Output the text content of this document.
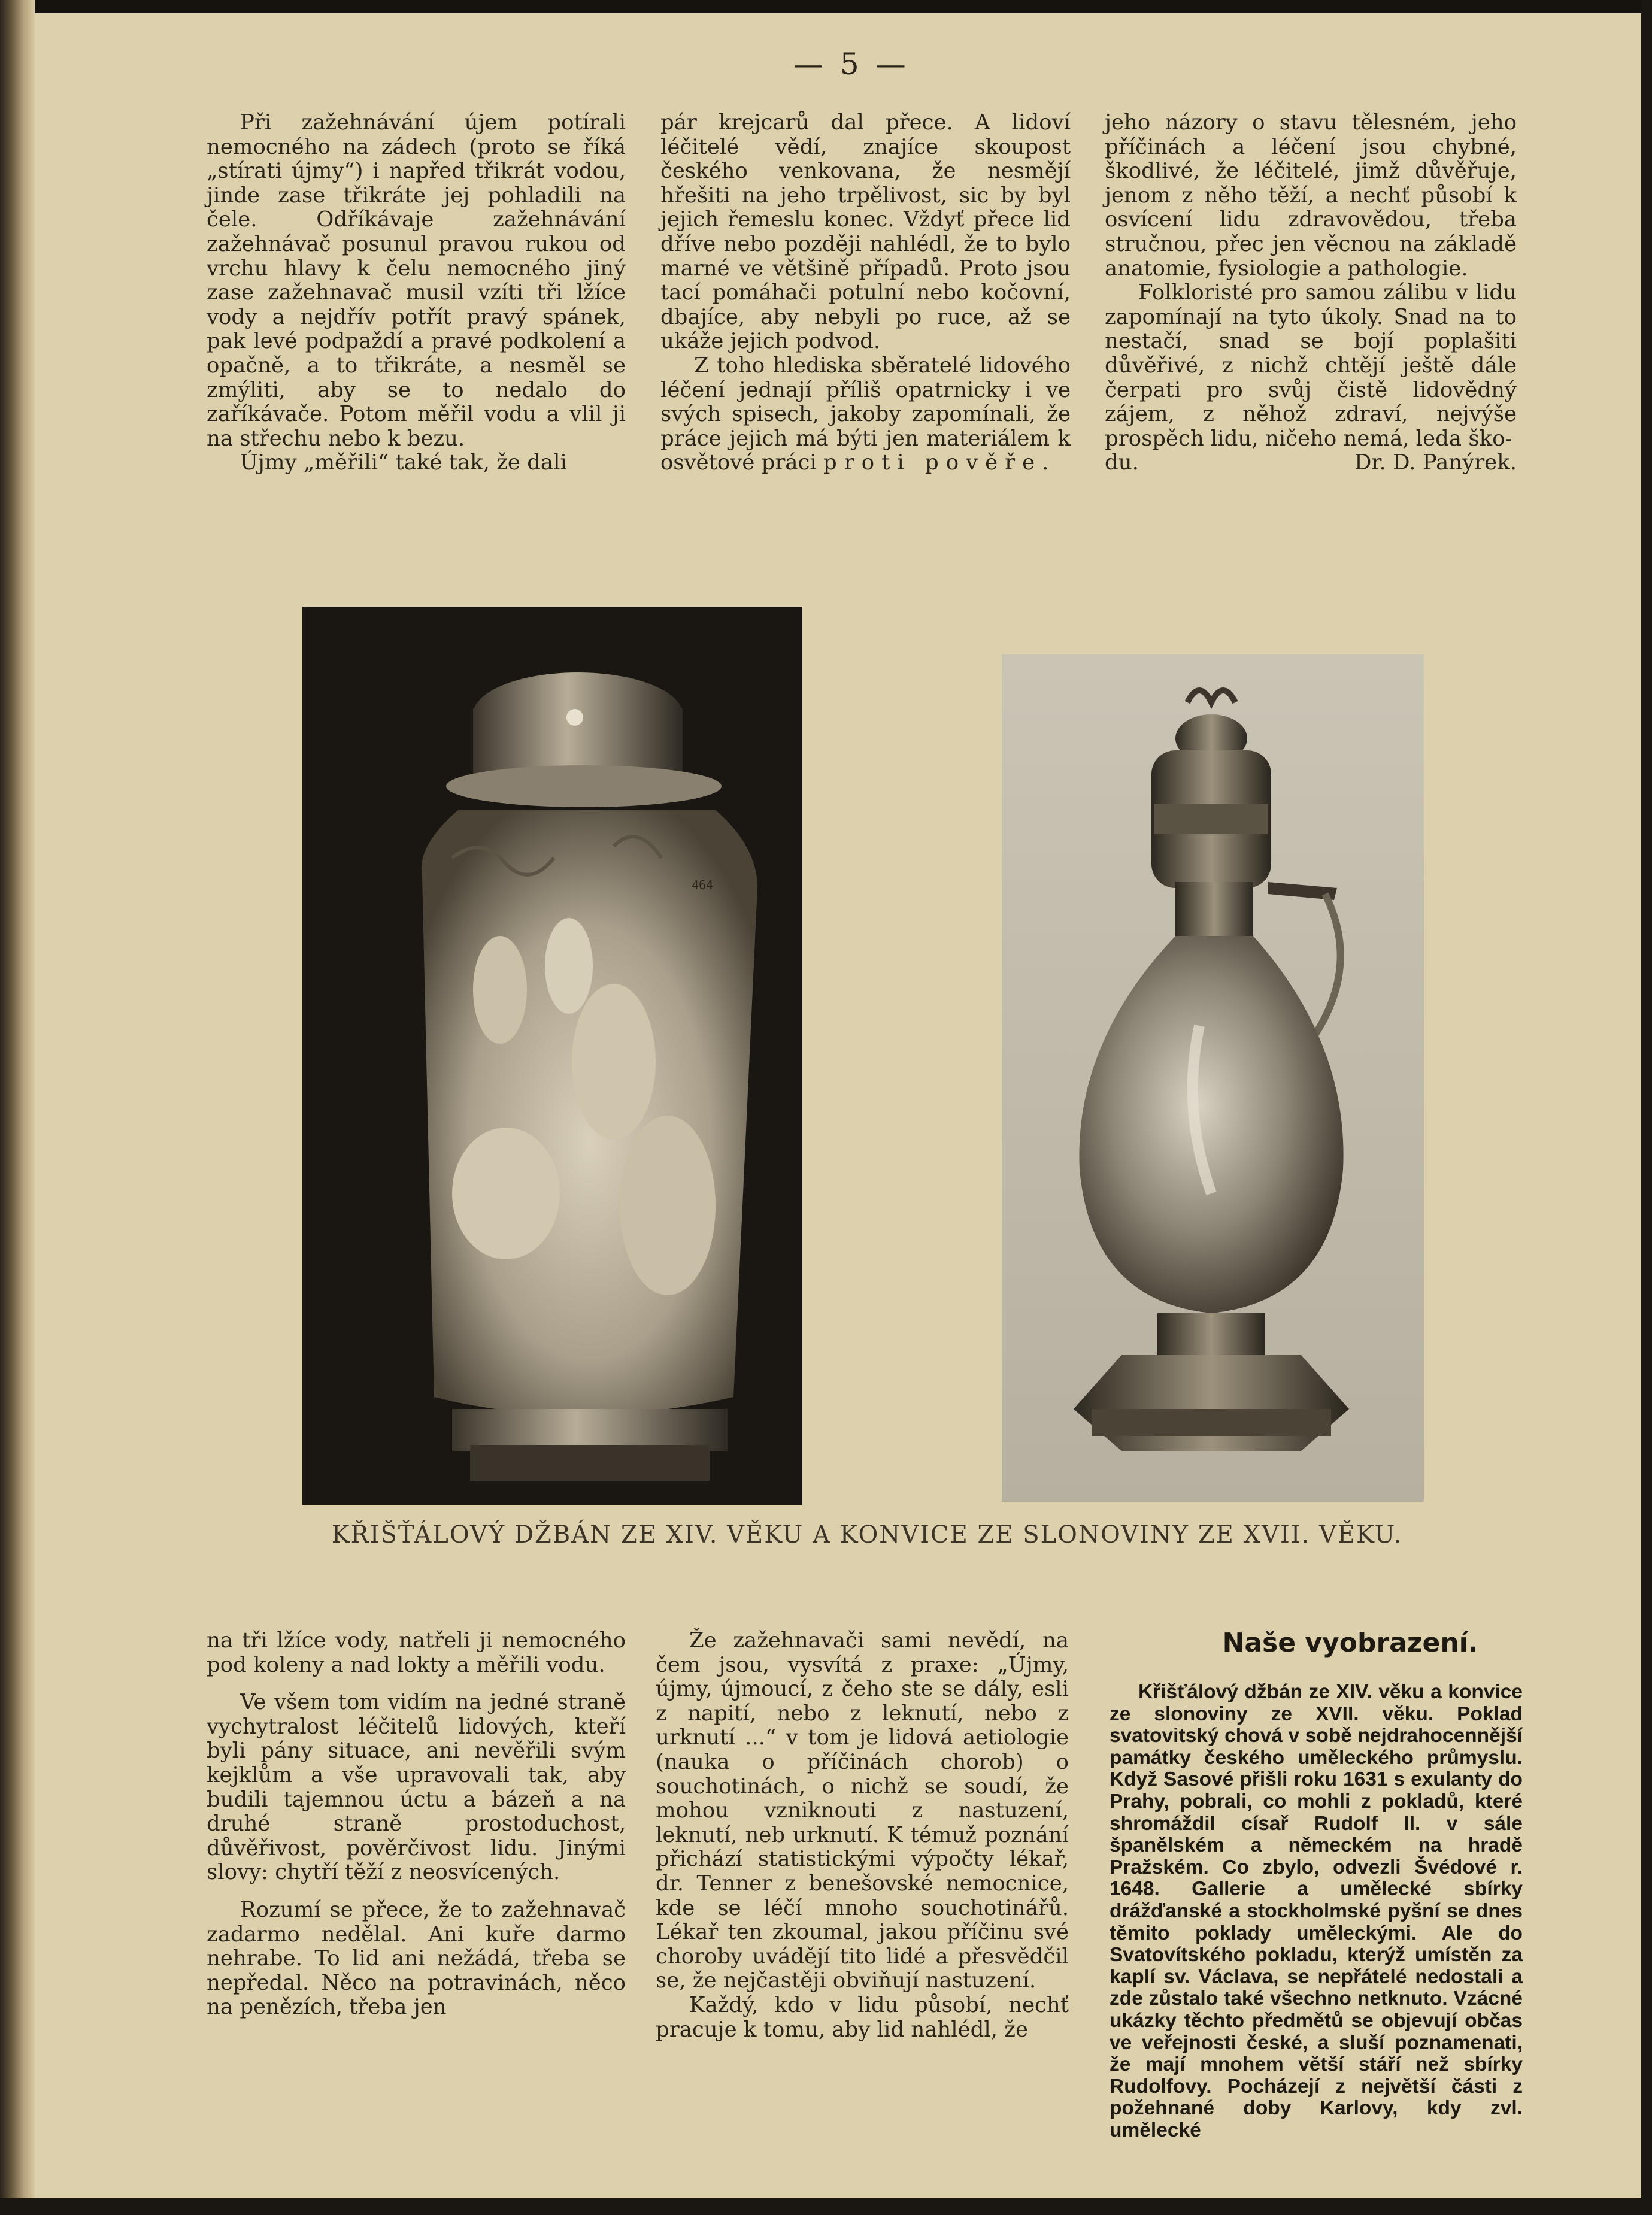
— 5 —

Při zažehnávání újem potírali nemocného na zádech (proto se říká „stírati újmy“) i napřed třikrát vodou, jinde zase třikráte jej pohladili na čele. Odříkávaje zažehnávání zažehnávač posunul pravou rukou od vrchu hlavy k čelu nemocného jiný zase zažehnavač musil vzíti tři lžíce vody a nejdřív potřít pravý spánek, pak levé podpaždí a pravé podkolení a opačně, a to třikráte, a nesměl se zmýliti, aby se to nedalo do zaříkávače. Potom měřil vodu a vlil ji na střechu nebo k bezu.

Újmy „měřili“ také tak, že dali

pár krejcarů dal přece. A lidoví léčitelé vědí, znajíce skoupost českého venkovana, že nesmějí hřešiti na jeho trpělivost, sic by byl jejich řemeslu konec. Vždyť přece lid dříve nebo později nahlédl, že to bylo marné ve většině případů. Proto jsou tací pomáhači potulní nebo kočovní, dbajíce, aby nebyli po ruce, až se ukáže jejich podvod.

Z toho hlediska sběratelé lidového léčení jednají příliš opatrnicky i ve svých spisech, jakoby zapomínali, že práce jejich má býti jen materiálem k osvětové práci proti pověře.

jeho názory o stavu tělesném, jeho příčinách a léčení jsou chybné, škodlivé, že léčitelé, jimž důvěřuje, jenom z něho těží, a nechť působí k osvícení lidu zdravovědou, třeba stručnou, přec jen věcnou na základě anatomie, fysiologie a pathologie.

Folkloristé pro samou zálibu v lidu zapomínají na tyto úkoly. Snad na to nestačí, snad se bojí poplašiti důvěřivé, z nichž chtějí ještě dále čerpati pro svůj čistě lidovědný zájem, z něhož zdraví, nejvýše prospěch lidu, ničeho nemá, leda ško-

du.	Dr. D. Panýrek.
464
KŘIŠŤÁLOVÝ DŽBÁN ZE XIV. VĚKU A KONVICE ZE SLONOVINY ZE XVII. VĚKU.

na tři lžíce vody, natřeli ji nemocného pod koleny a nad lokty a měřili vodu.

Ve všem tom vidím na jedné straně vychytralost léčitelů lidových, kteří byli pány situace, ani nevěřili svým kejklům a vše upravovali tak, aby budili tajemnou úctu a bázeň a na druhé straně prostoduchost, důvěřivost, pověrčivost lidu. Jinými slovy: chytří těží z neosvícených.

Rozumí se přece, že to zažehnavač zadarmo nedělal. Ani kuře darmo nehrabe. To lid ani nežádá, třeba se nepředal. Něco na potravinách, něco na penězích, třeba jen

Že zažehnavači sami nevědí, na čem jsou, vysvítá z praxe: „Újmy, újmy, újmoucí, z čeho ste se dály, esli z napití, nebo z leknutí, nebo z urknutí ...“ v tom je lidová aetiologie (nauka o příčinách chorob) o souchotinách, o nichž se soudí, že mohou vzniknouti z nastuzení, leknutí, neb urknutí. K témuž poznání přichází statistickými výpočty lékař, dr. Tenner z benešovské nemocnice, kde se léčí mnoho souchotinářů. Lékař ten zkoumal, jakou příčinu své choroby uvádějí tito lidé a přesvědčil se, že nejčastěji obviňují nastuzení.

Každý, kdo v lidu působí, nechť pracuje k tomu, aby lid nahlédl, že

Naše vyobrazení.

Křišťálový džbán ze XIV. věku a konvice ze slonoviny ze XVII. věku. Poklad svatovitský chová v sobě nejdrahocennější památky českého uměleckého průmyslu. Když Sasové přišli roku 1631 s exulanty do Prahy, pobrali, co mohli z pokladů, které shromáždil císař Rudolf II. v sále španělském a německém na hradě Pražském. Co zbylo, odvezli Švédové r. 1648. Gallerie a umělecké sbírky drážďanské a stockholmské pyšní se dnes těmito poklady uměleckými. Ale do Svatovítského pokladu, kterýž umístěn za kaplí sv. Václava, se nepřátelé nedostali a zde zůstalo také všechno netknuto. Vzácné ukázky těchto předmětů se objevují občas ve veřejnosti české, a sluší poznamenati, že mají mnohem větší stáří než sbírky Rudolfovy. Pocházejí z největší části z požehnané doby Karlovy, kdy zvl. umělecké
